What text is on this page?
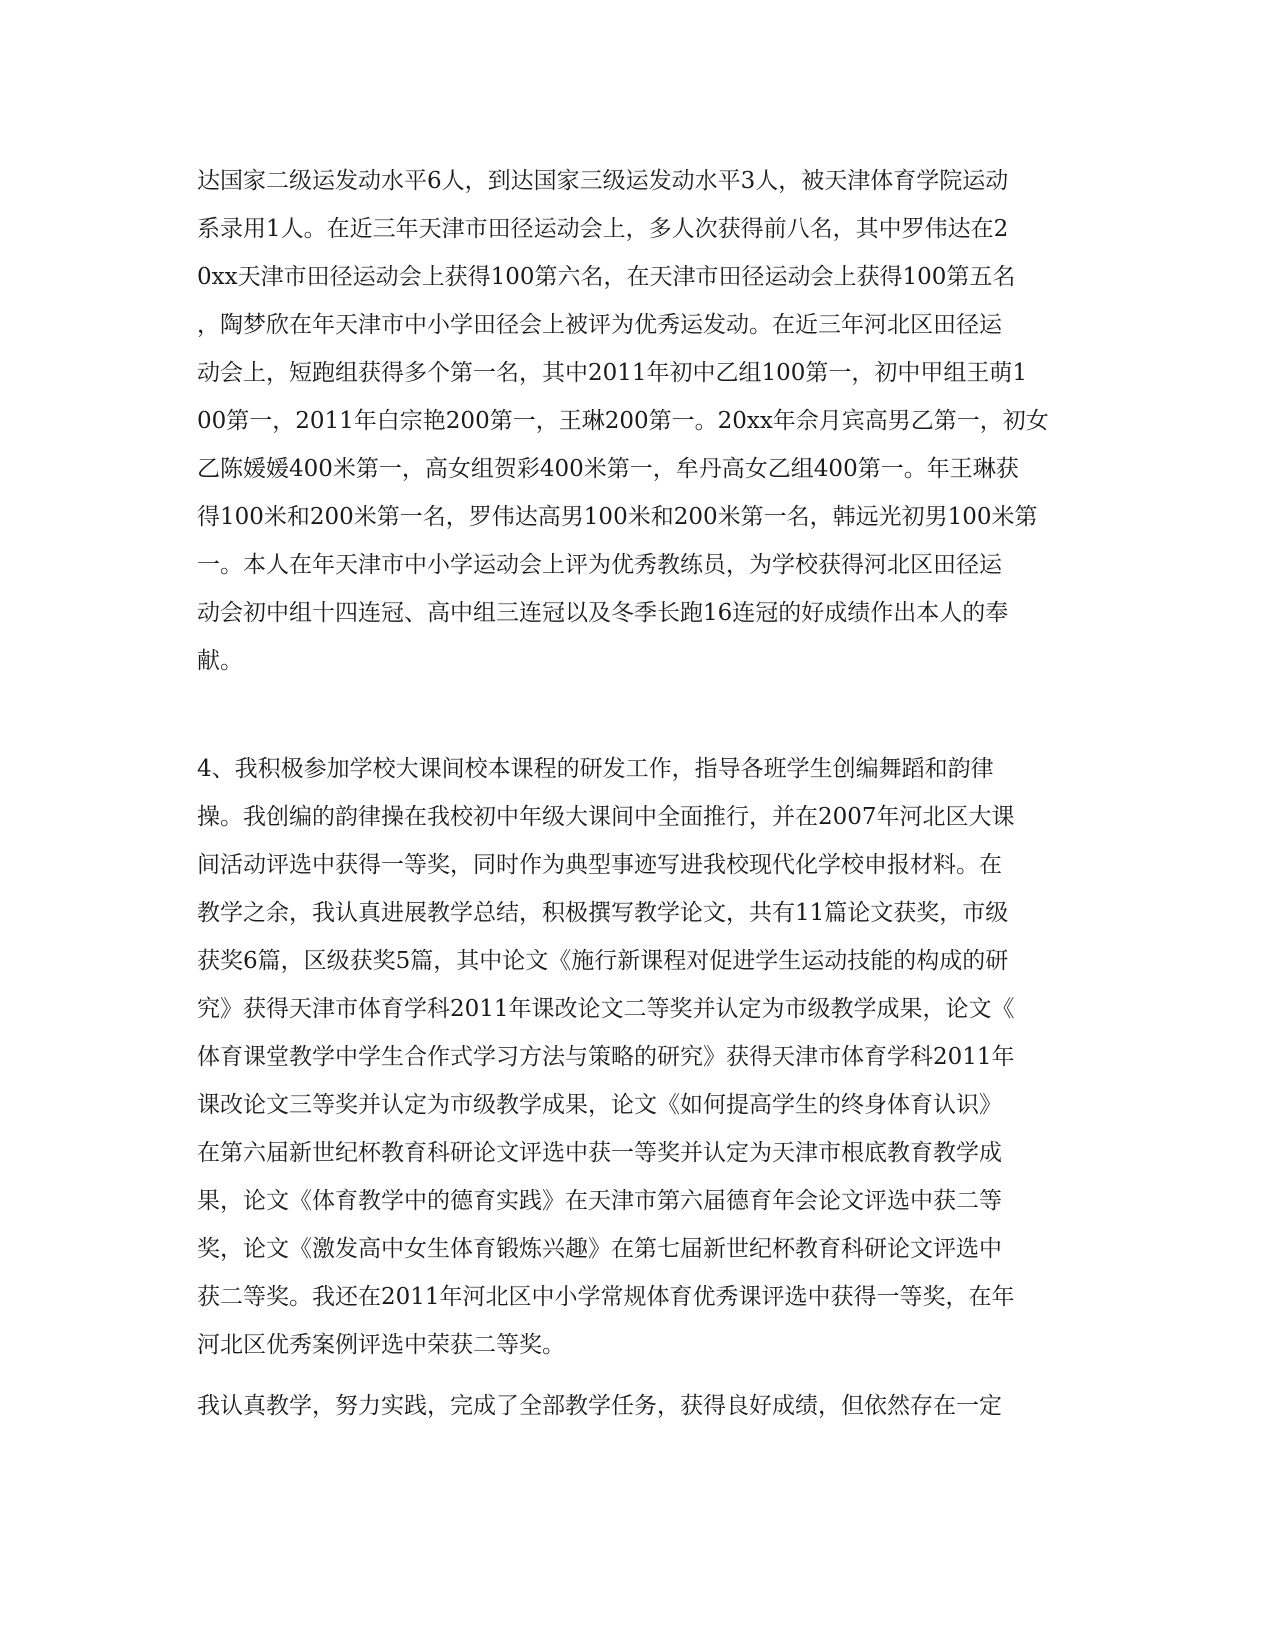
达国家二级运发动水平6人，到达国家三级运发动水平3人，被天津体育学院运动
系录用1人。在近三年天津市田径运动会上，多人次获得前八名，其中罗伟达在2
0xx天津市田径运动会上获得100第六名，在天津市田径运动会上获得100第五名
，陶梦欣在年天津市中小学田径会上被评为优秀运发动。在近三年河北区田径运
动会上，短跑组获得多个第一名，其中2011年初中乙组100第一，初中甲组王萌1
00第一，2011年白宗艳200第一，王琳200第一。20xx年佘月宾高男乙第一，初女
乙陈媛媛400米第一，高女组贺彩400米第一，牟丹高女乙组400第一。年王琳获
得100米和200米第一名，罗伟达高男100米和200米第一名，韩远光初男100米第
一。本人在年天津市中小学运动会上评为优秀教练员，为学校获得河北区田径运
动会初中组十四连冠、高中组三连冠以及冬季长跑16连冠的好成绩作出本人的奉
献。
4、我积极参加学校大课间校本课程的研发工作，指导各班学生创编舞蹈和韵律
操。我创编的韵律操在我校初中年级大课间中全面推行，并在2007年河北区大课
间活动评选中获得一等奖，同时作为典型事迹写进我校现代化学校申报材料。在
教学之余，我认真进展教学总结，积极撰写教学论文，共有11篇论文获奖，市级
获奖6篇，区级获奖5篇，其中论文《施行新课程对促进学生运动技能的构成的研
究》获得天津市体育学科2011年课改论文二等奖并认定为市级教学成果，论文《
体育课堂教学中学生合作式学习方法与策略的研究》获得天津市体育学科2011年
课改论文三等奖并认定为市级教学成果，论文《如何提高学生的终身体育认识》
在第六届新世纪杯教育科研论文评选中获一等奖并认定为天津市根底教育教学成
果，论文《体育教学中的德育实践》在天津市第六届德育年会论文评选中获二等
奖，论文《激发高中女生体育锻炼兴趣》在第七届新世纪杯教育科研论文评选中
获二等奖。我还在2011年河北区中小学常规体育优秀课评选中获得一等奖，在年
河北区优秀案例评选中荣获二等奖。
我认真教学，努力实践，完成了全部教学任务，获得良好成绩，但依然存在一定
